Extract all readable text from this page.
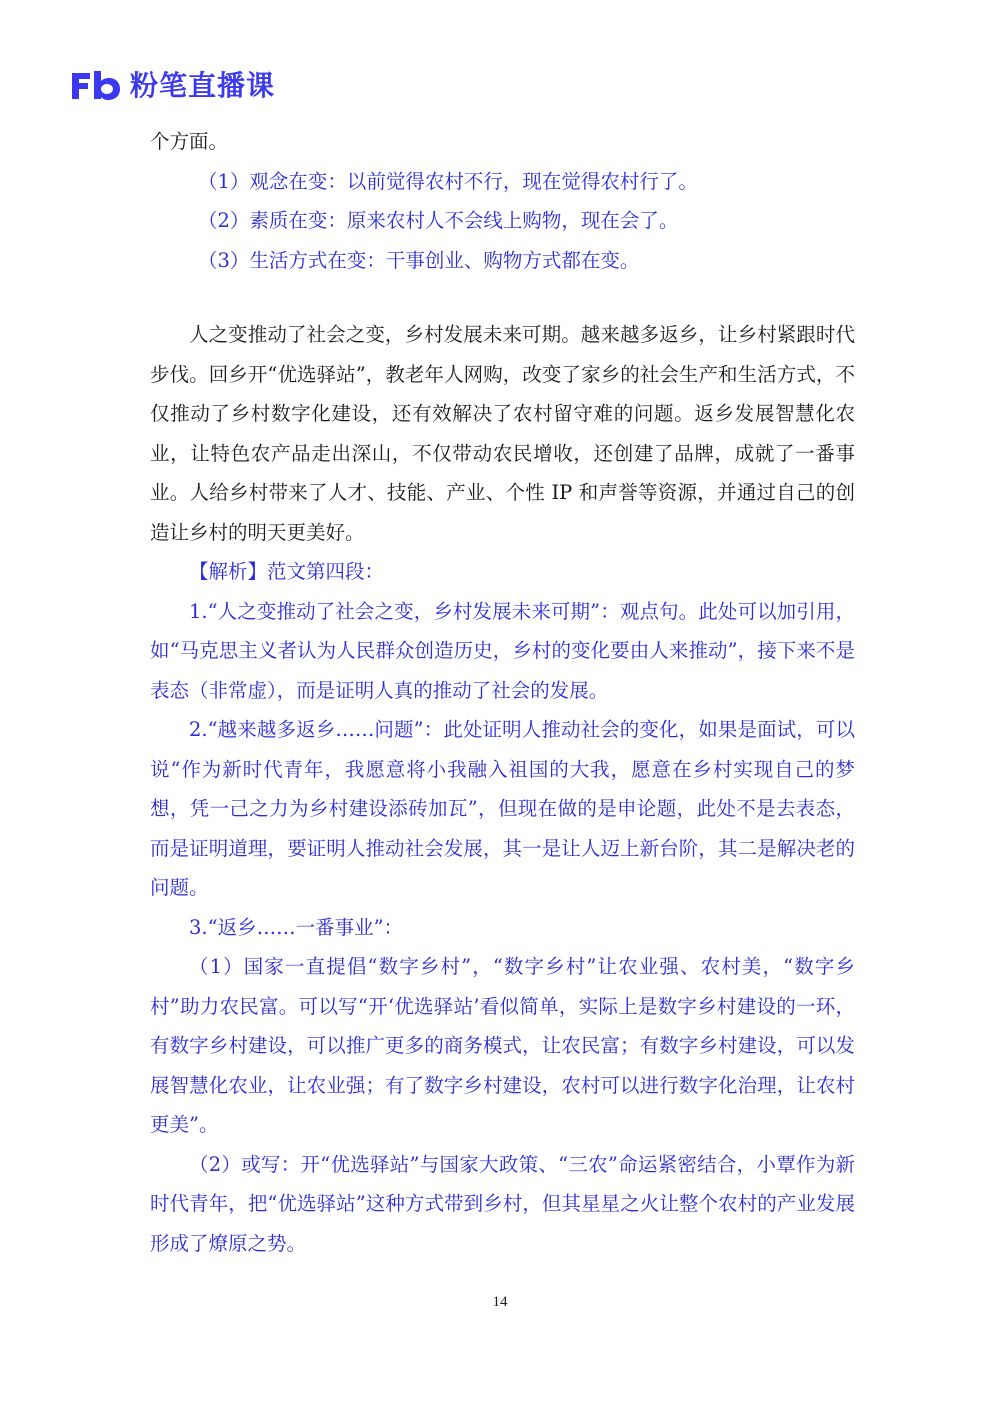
粉笔直播课

个方面。

（1）观念在变：以前觉得农村不行，现在觉得农村行了。

（2）素质在变：原来农村人不会线上购物，现在会了。

（3）生活方式在变：干事创业、购物方式都在变。

人之变推动了社会之变，乡村发展未来可期。越来越多返乡，让乡村紧跟时代步伐。回乡开“优选驿站”，教老年人网购，改变了家乡的社会生产和生活方式，不仅推动了乡村数字化建设，还有效解决了农村留守难的问题。返乡发展智慧化农业，让特色农产品走出深山，不仅带动农民增收，还创建了品牌，成就了一番事业。人给乡村带来了人才、技能、产业、个性 IP 和声誉等资源，并通过自己的创造让乡村的明天更美好。

【解析】范文第四段：

1.“人之变推动了社会之变，乡村发展未来可期”：观点句。此处可以加引用，如“马克思主义者认为人民群众创造历史，乡村的变化要由人来推动”，接下来不是表态（非常虚），而是证明人真的推动了社会的发展。

2.“越来越多返乡……问题”：此处证明人推动社会的变化，如果是面试，可以说“作为新时代青年，我愿意将小我融入祖国的大我，愿意在乡村实现自己的梦想，凭一己之力为乡村建设添砖加瓦”，但现在做的是申论题，此处不是去表态，而是证明道理，要证明人推动社会发展，其一是让人迈上新台阶，其二是解决老的问题。

3.“返乡……一番事业”：

（1）国家一直提倡“数字乡村”，“数字乡村”让农业强、农村美，“数字乡村”助力农民富。可以写“开‘优选驿站’看似简单，实际上是数字乡村建设的一环，有数字乡村建设，可以推广更多的商务模式，让农民富；有数字乡村建设，可以发展智慧化农业，让农业强；有了数字乡村建设，农村可以进行数字化治理，让农村更美”。

（2）或写：开“优选驿站”与国家大政策、“三农”命运紧密结合，小覃作为新时代青年，把“优选驿站”这种方式带到乡村，但其星星之火让整个农村的产业发展形成了燎原之势。

14
